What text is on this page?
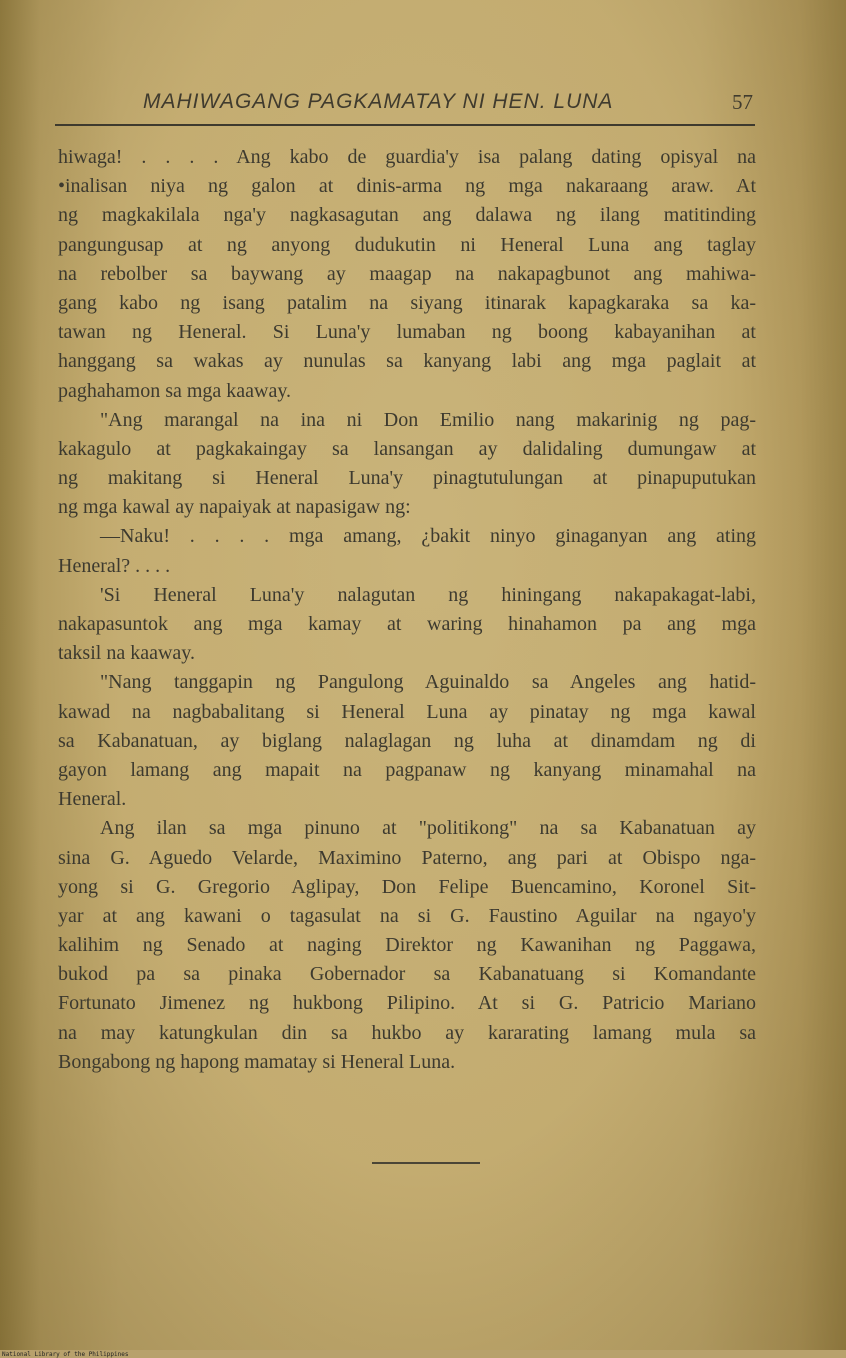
MAHIWAGANG PAGKAMATAY NI HEN. LUNA	57
hiwaga! . . . . Ang kabo de guardia'y isa palang dating opisyal na
•inalisan niya ng galon at dinis-arma ng mga nakaraang araw. At
ng magkakilala nga'y nagkasagutan ang dalawa ng ilang matitinding
pangungusap at ng anyong dudukutin ni Heneral Luna ang taglay
na rebolber sa baywang ay maagap na nakapagbunot ang mahiwa-
gang kabo ng isang patalim na siyang itinarak kapagkaraka sa ka-
tawan ng Heneral. Si Luna'y lumaban ng boong kabayanihan at
hanggang sa wakas ay nunulas sa kanyang labi ang mga paglait at
paghahamon sa mga kaaway.
"Ang marangal na ina ni Don Emilio nang makarinig ng pag-
kakagulo at pagkakaingay sa lansangan ay dalidaling dumungaw at
ng makitang si Heneral Luna'y pinagtutulungan at pinapuputukan
ng mga kawal ay napaiyak at napasigaw ng:
—Naku! . . . . mga amang, ¿bakit ninyo ginaganyan ang ating
Heneral? . . . .
'Si Heneral Luna'y nalagutan ng hiningang nakapakagat-labi,
nakapasuntok ang mga kamay at waring hinahamon pa ang mga
taksil na kaaway.
"Nang tanggapin ng Pangulong Aguinaldo sa Angeles ang hatid-
kawad na nagbabalitang si Heneral Luna ay pinatay ng mga kawal
sa Kabanatuan, ay biglang nalaglagan ng luha at dinamdam ng di
gayon lamang ang mapait na pagpanaw ng kanyang minamahal na
Heneral.
Ang ilan sa mga pinuno at "politikong" na sa Kabanatuan ay
sina G. Aguedo Velarde, Maximino Paterno, ang pari at Obispo nga-
yong si G. Gregorio Aglipay, Don Felipe Buencamino, Koronel Sit-
yar at ang kawani o tagasulat na si G. Faustino Aguilar na ngayo'y
kalihim ng Senado at naging Direktor ng Kawanihan ng Paggawa,
bukod pa sa pinaka Gobernador sa Kabanatuang si Komandante
Fortunato Jimenez ng hukbong Pilipino. At si G. Patricio Mariano
na may katungkulan din sa hukbo ay kararating lamang mula sa
Bongabong ng hapong mamatay si Heneral Luna.
National Library of the Philippines
